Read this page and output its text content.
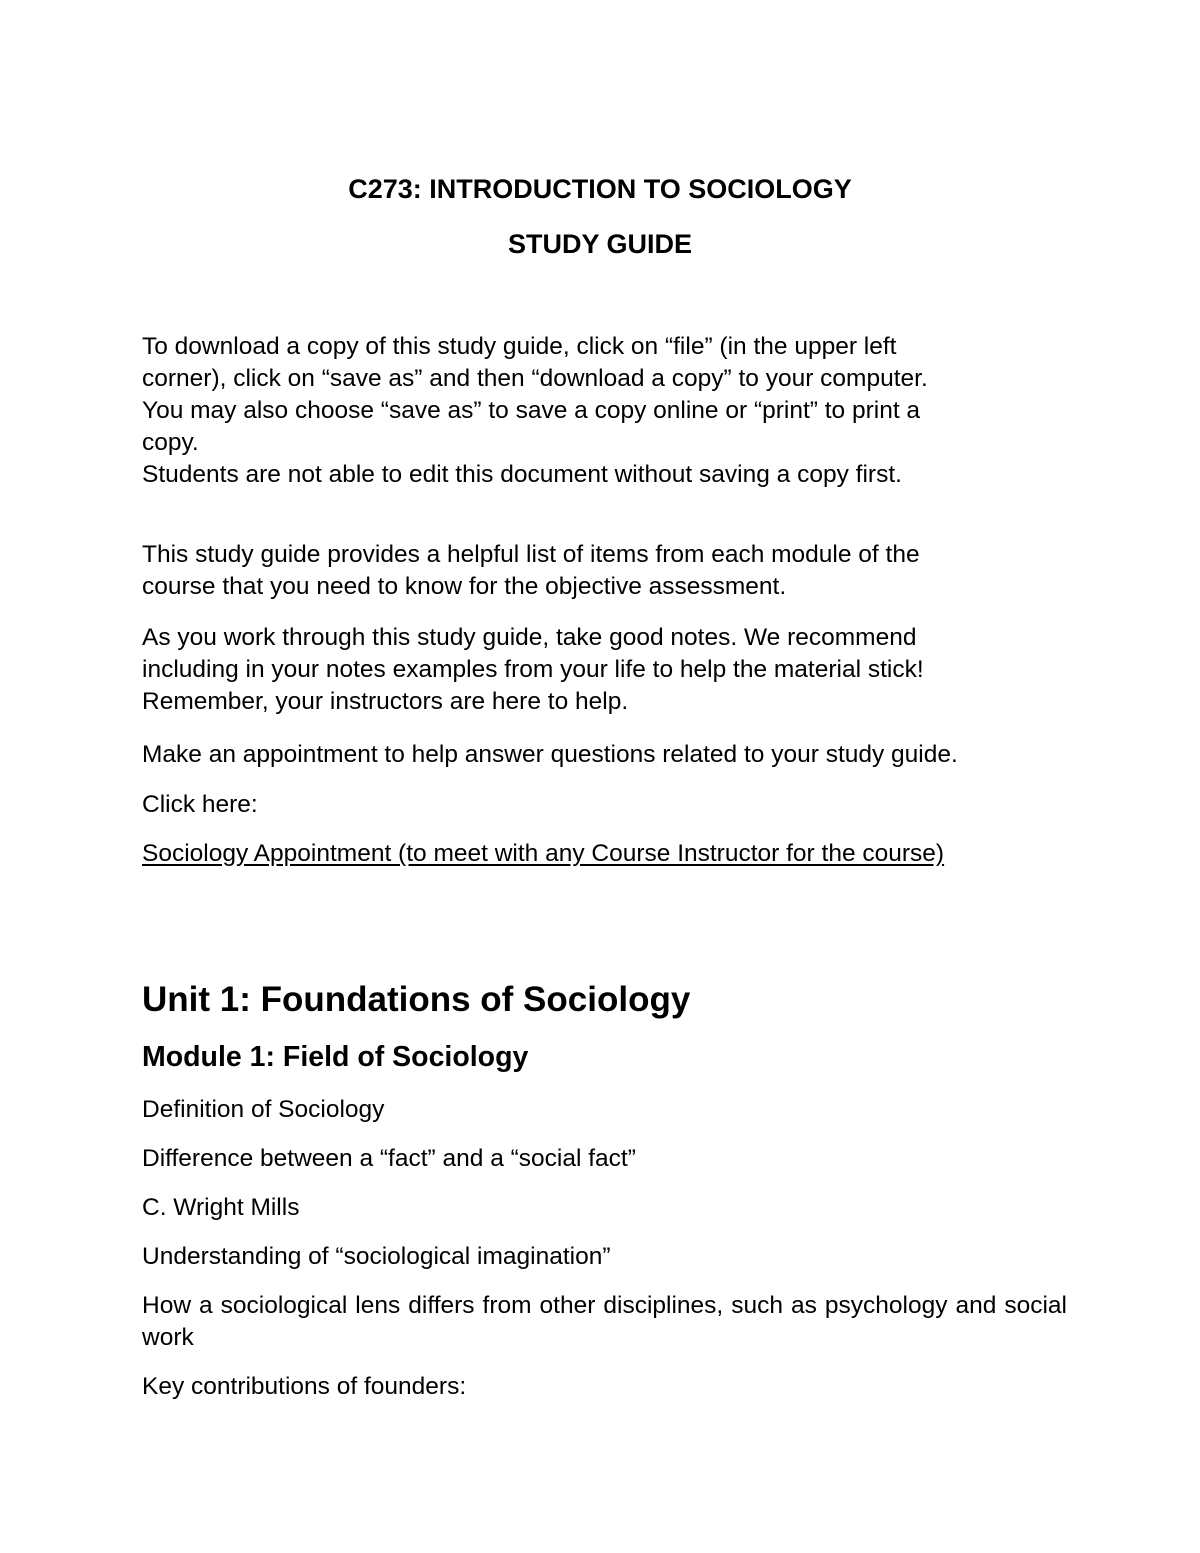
C273: INTRODUCTION TO SOCIOLOGY
STUDY GUIDE

To download a copy of this study guide, click on “file” (in the upper left
corner), click on “save as” and then “download a copy” to your computer.
You may also choose “save as” to save a copy online or “print” to print a
copy.
Students are not able to edit this document without saving a copy first.

This study guide provides a helpful list of items from each module of the
course that you need to know for the objective assessment.

As you work through this study guide, take good notes. We recommend
including in your notes examples from your life to help the material stick!
Remember, your instructors are here to help.

Make an appointment to help answer questions related to your study guide.

Click here:

Sociology Appointment (to meet with any Course Instructor for the course)
Unit 1: Foundations of Sociology
Module 1: Field of Sociology
Definition of Sociology
Difference between a “fact” and a “social fact”
C. Wright Mills
Understanding of “sociological imagination”
How a sociological lens differs from other disciplines, such as psychology and social work
Key contributions of founders:
